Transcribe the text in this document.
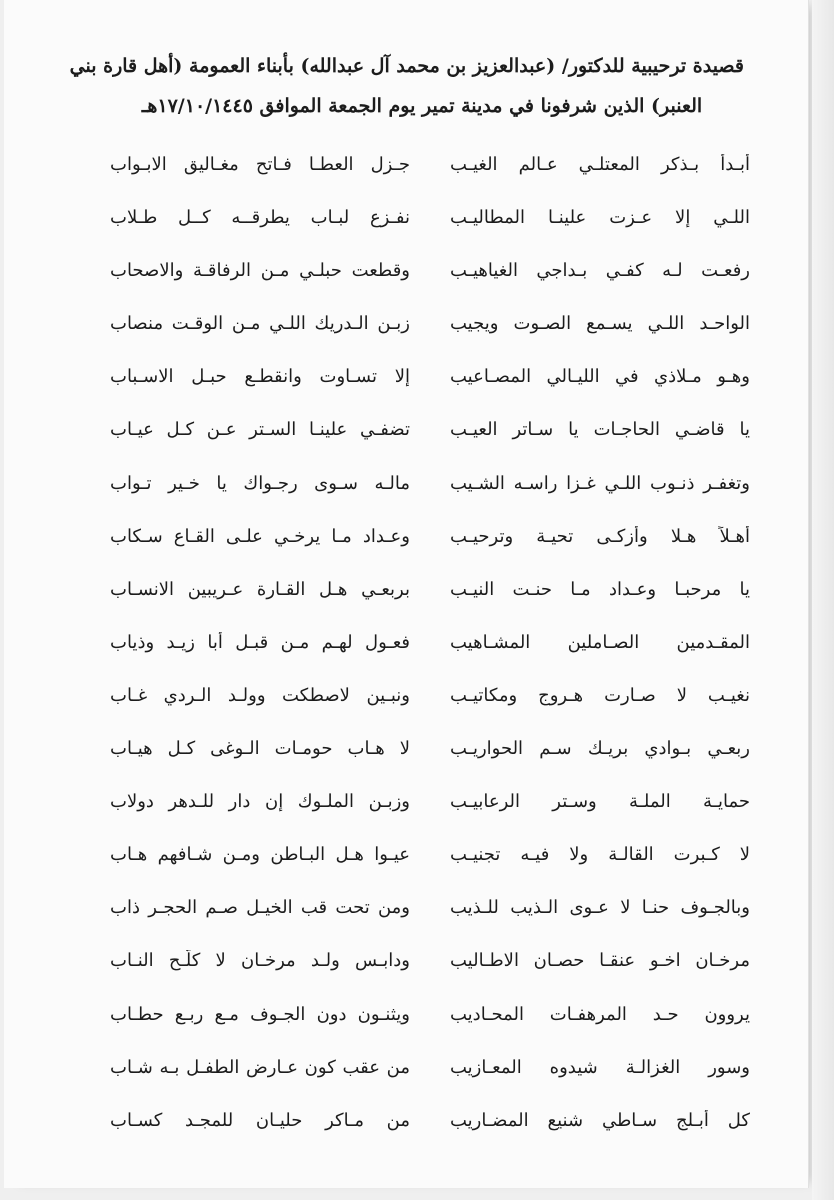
قصيدة ترحيبية للدكتور/ (عبدالعزيز بن محمد آل عبدالله) بأبناء العمومة (أهل قارة بني
العنبر) الذين شرفونا في مدينة تمير يوم الجمعة الموافق ١٧/١٠/١٤٤٥هـ
أبـدأ بـذكر المعتلـي عـالم الغيـب
جـزل العطـا فـاتح مغـاليق الابـواب
اللـي إلا عـزت علينـا المطاليـب
نفـزع لبـاب يطرقــه كــل طـلاب
رفعـت لـه كفـي بـداجي الغياهيـب
وقطعت حبلـي مـن الرفاقـة والاصحاب
الواحـد اللـي يسـمع الصـوت ويجيب
زبـن الـدريك اللـي مـن الوقـت منصاب
وهـو مـلاذي في الليـالي المصـاعيب
إلا تسـاوت وانقطـع حبـل الاسـباب
يا قاضـي الحاجـات يا سـاتر العيـب
تضفـي علينـا السـتر عـن كـل عيـاب
وتغفـر ذنـوب اللـي غـزا راسـه الشـيب
مالـه سـوى رجـواك يا خـير تـواب
أهـلاً هـلا وأزكـى تحيـة وترحيـب
وعـداد مـا يرخـي علـى القـاع سـكاب
يا مرحبـا وعـداد مـا حنـت النيـب
بربعـي هـل القـارة عـريبين الانسـاب
المقـدمين الصـاملين المشـاهيب
فعـول لهـم مـن قبـل أبا زيـد وذياب
نغيـب لا صـارت هـروج ومكاتيـب
ونبـين لاصطكت وولـد الـردي غـاب
ربعـي بـوادي بريـك سـم الحواريـب
لا هـاب حومـات الـوغى كـل هيـاب
حمايـة الملـة وسـتر الرعابيـب
وزبـن الملـوك إن دار للـدهر دولاب
لا كـبرت القالـة ولا فيـه تجنيـب
عيـوا هـل البـاطن ومـن شـافهم هـاب
وبالجـوف حنـا لا عـوى الـذيب للـذيب
ومن تحت قب الخيـل صـم الحجـر ذاب
مرخـان اخـو عنقـا حصـان الاطـاليب
ودابـس ولـد مرخـان لا كلّـح النـاب
يروون حـد المرهفـات المحـاديب
ويثنـون دون الجـوف مـع ربـع حطـاب
وسور الغزالـة شيدوه المعـازيب
من عقب كون عـارض الطفـل بـه شـاب
كل أبـلج سـاطي شنيع المضـاريب
من مـاكر حليـان للمجـد كسـاب
